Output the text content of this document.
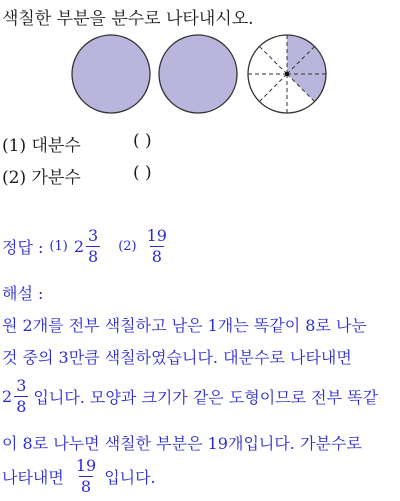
색칠한 부분을 분수로 나타내시오.
(1) 대분수	( )
(2) 가분수	( )
정답 : (1) $2 \frac{3}{8} (2) \frac{19}{8}$
해설 :
원 2개를 전부 색칠하고 남은 1개는 똑같이 8로 나눈
것 중의 3만큼 색칠하였습니다. 대분수로 나타내면
$2 \frac{3}{8}$ 입니다. 모양과 크기가 같은 도형이므로 전부 똑같
이 8로 나누면 색칠한 부분은 19개입니다. 가분수로
나타내면 $\frac{19}{8}$ 입니다.
